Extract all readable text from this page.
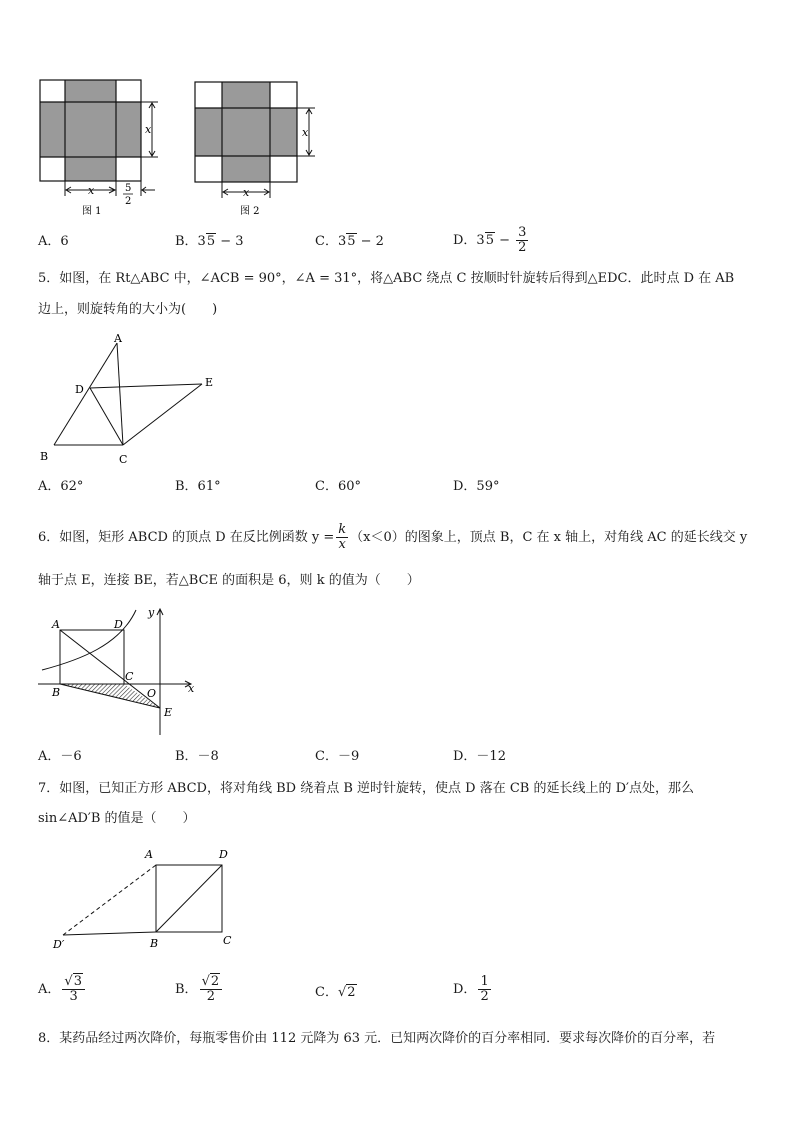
x
x	5
2
图 1
x
x
图 2
A．6	B．35 − 3	C．35 − 2	D．$35 - \frac{3}{2}$
5．如图，在 Rt△ABC 中，∠ACB = 90°，∠A = 31°，将△ABC 绕点 C 按顺时针旋转后得到△EDC．此时点 D 在 AB
边上，则旋转角的大小为(　　)
A
D
E
B	C
A．62°	B．61°	C．60°	D．59°
6．如图，矩形 ABCD 的顶点 D 在反比例函数 $y = \frac{k}{x} (x<0)$的图象上，顶点 B，C 在 x 轴上，对角线 AC 的延长线交 y
轴于点 E，连接 BE，若△BCE 的面积是 6，则 k 的值为（　　）
A	D
C
B	O	x
y
E
A．－6	B．－8	C．－9	D．－12
7．如图，已知正方形 ABCD，将对角线 BD 绕着点 B 逆时针旋转，使点 D 落在 CB 的延长线上的 D′点处，那么
sin∠AD′B 的值是（　　）
A	D
B	C
D′
A． $\frac{√3}{3}$	B． $\frac{√2}{2}$	C．√2	D． $\frac{1}{2}$
8．某药品经过两次降价，每瓶零售价由 112 元降为 63 元．已知两次降价的百分率相同．要求每次降价的百分率，若
